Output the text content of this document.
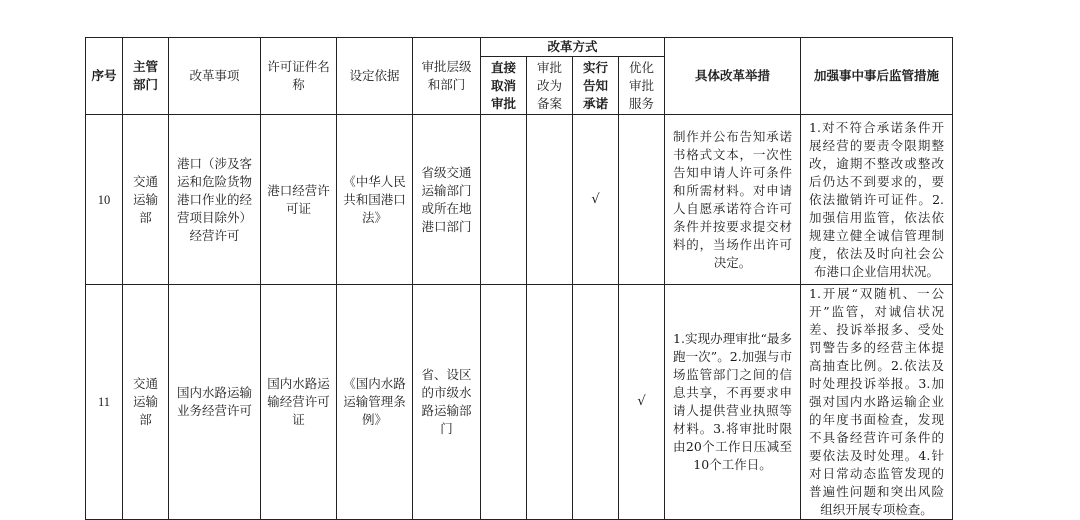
序号	主管部门	改革事项	许可证件名称	设定依据	审批层级和部门	改革方式				具体改革举措	加强事中事后监管措施
						直接取消审批	审批改为备案	实行告知承诺	优化审批服务		
10	交通运输部	港口（涉及客运和危险货物港口作业的经营项目除外）经营许可	港口经营许可证	《中华人民共和国港口法》	省级交通运输部门或所在地港口部门			√		制作并公布告知承诺书格式文本，一次性告知申请人许可条件和所需材料。对申请人自愿承诺符合许可条件并按要求提交材料的，当场作出许可决定。	1.对不符合承诺条件开展经营的要责令限期整改，逾期不整改或整改后仍达不到要求的，要依法撤销许可证件。2.加强信用监管，依法依规建立健全诚信管理制度，依法及时向社会公布港口企业信用状况。
11	交通运输部	国内水路运输业务经营许可	国内水路运输经营许可证	《国内水路运输管理条例》	省、设区的市级水路运输部门				√	1.实现办理审批“最多跑一次”。2.加强与市场监管部门之间的信息共享，不再要求申请人提供营业执照等材料。3.将审批时限由20个工作日压减至10个工作日。	1.开展“双随机、一公开”监管，对诚信状况差、投诉举报多、受处罚警告多的经营主体提高抽查比例。2.依法及时处理投诉举报。3.加强对国内水路运输企业的年度书面检查，发现不具备经营许可条件的要依法及时处理。4.针对日常动态监管发现的普遍性问题和突出风险组织开展专项检查。
